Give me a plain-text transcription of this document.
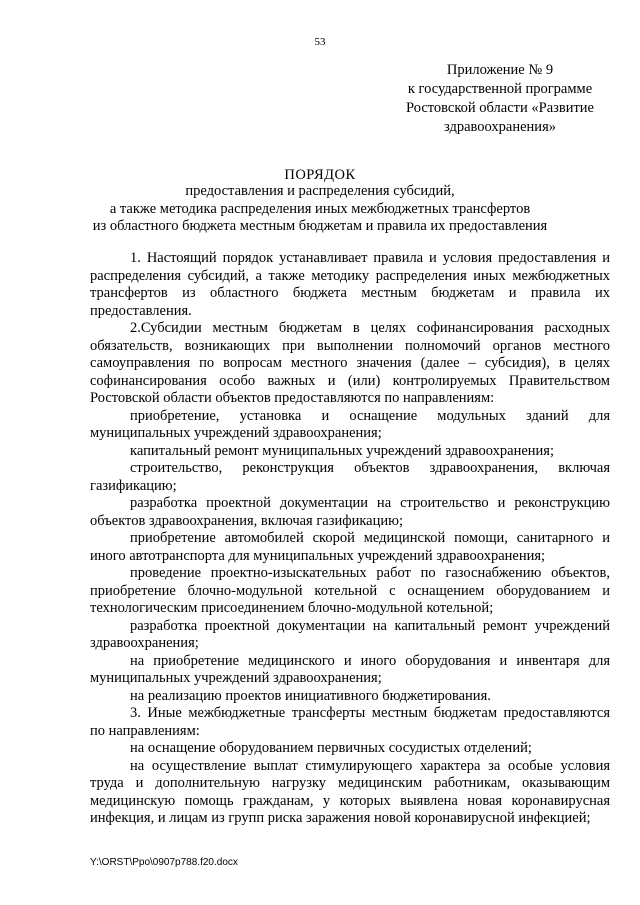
53
Приложение № 9
к государственной программе
Ростовской области «Развитие
здравоохранения»
ПОРЯДОК
предоставления и распределения субсидий,
а также методика распределения иных межбюджетных трансфертов
из областного бюджета местным бюджетам и правила их предоставления

1. Настоящий порядок устанавливает правила и условия предоставления и распределения субсидий, а также методику распределения иных межбюджетных трансфертов из областного бюджета местным бюджетам и правила их предоставления.

2.Субсидии местным бюджетам в целях софинансирования расходных обязательств, возникающих при выполнении полномочий органов местного самоуправления по вопросам местного значения (далее – субсидия), в целях софинансирования особо важных и (или) контролируемых Правительством Ростовской области объектов предоставляются по направлениям:

приобретение, установка и оснащение модульных зданий для муниципальных учреждений здравоохранения;

капитальный ремонт муниципальных учреждений здравоохранения;

строительство, реконструкция объектов здравоохранения, включая газификацию;

разработка проектной документации на строительство и реконструкцию объектов здравоохранения, включая газификацию;

приобретение автомобилей скорой медицинской помощи, санитарного и иного автотранспорта для муниципальных учреждений здравоохранения;

проведение проектно-изыскательных работ по газоснабжению объектов, приобретение блочно-модульной котельной с оснащением оборудованием и технологическим присоединением блочно-модульной котельной;

разработка проектной документации на капитальный ремонт учреждений здравоохранения;

на приобретение медицинского и иного оборудования и инвентаря для муниципальных учреждений здравоохранения;

на реализацию проектов инициативного бюджетирования.

3. Иные межбюджетные трансферты местным бюджетам предоставляются по направлениям:

на оснащение оборудованием первичных сосудистых отделений;

на осуществление выплат стимулирующего характера за особые условия труда и дополнительную нагрузку медицинским работникам, оказывающим медицинскую помощь гражданам, у которых выявлена новая коронавирусная инфекция, и лицам из групп риска заражения новой коронавирусной инфекцией;

Y:\ORST\Ppo\0907p788.f20.docx
